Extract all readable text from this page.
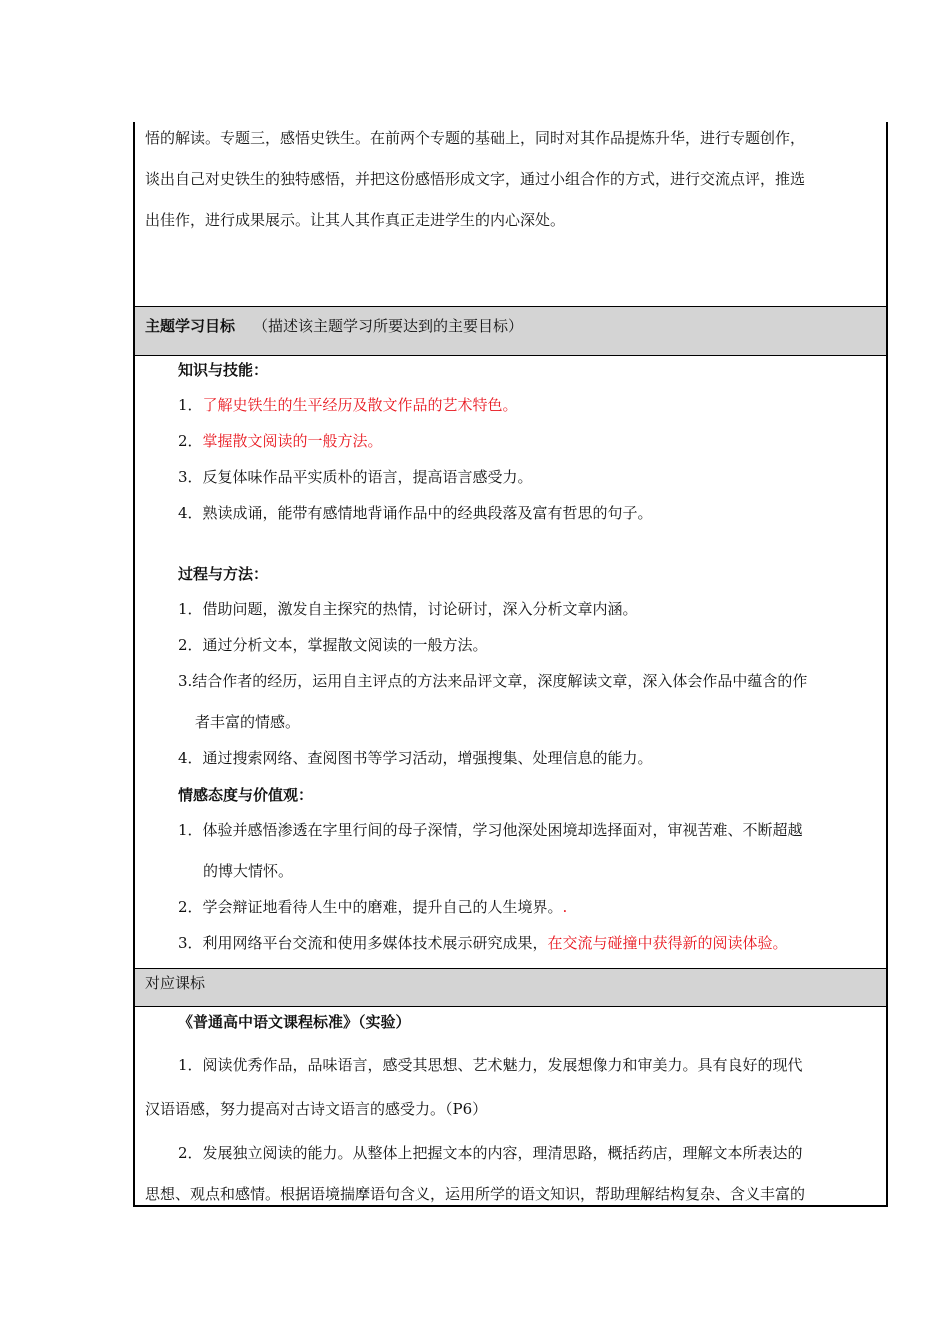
悟的解读。专题三，感悟史铁生。在前两个专题的基础上，同时对其作品提炼升华，进行专题创作，
谈出自己对史铁生的独特感悟，并把这份感悟形成文字，通过小组合作的方式，进行交流点评，推选
出佳作，进行成果展示。让其人其作真正走进学生的内心深处。
主题学习目标 （描述该主题学习所要达到的主要目标）
知识与技能：
1．了解史铁生的生平经历及散文作品的艺术特色。
2．掌握散文阅读的一般方法。
3．反复体味作品平实质朴的语言，提高语言感受力。
4．熟读成诵，能带有感情地背诵作品中的经典段落及富有哲思的句子。
过程与方法：
1．借助问题，激发自主探究的热情，讨论研讨，深入分析文章内涵。
2．通过分析文本，掌握散文阅读的一般方法。
3.结合作者的经历，运用自主评点的方法来品评文章，深度解读文章，深入体会作品中蕴含的作
者丰富的情感。
4．通过搜索网络、查阅图书等学习活动，增强搜集、处理信息的能力。
情感态度与价值观：
1．体验并感悟渗透在字里行间的母子深情，学习他深处困境却选择面对，审视苦难、不断超越
的博大情怀。
2．学会辩证地看待人生中的磨难，提升自己的人生境界。.
3．利用网络平台交流和使用多媒体技术展示研究成果，在交流与碰撞中获得新的阅读体验。
对应课标
《普通高中语文课程标准》（实验）
1．阅读优秀作品，品味语言，感受其思想、艺术魅力，发展想像力和审美力。具有良好的现代
汉语语感，努力提高对古诗文语言的感受力。（P6）
2．发展独立阅读的能力。从整体上把握文本的内容，理清思路，概括药店，理解文本所表达的
思想、观点和感情。根据语境揣摩语句含义，运用所学的语文知识，帮助理解结构复杂、含义丰富的
